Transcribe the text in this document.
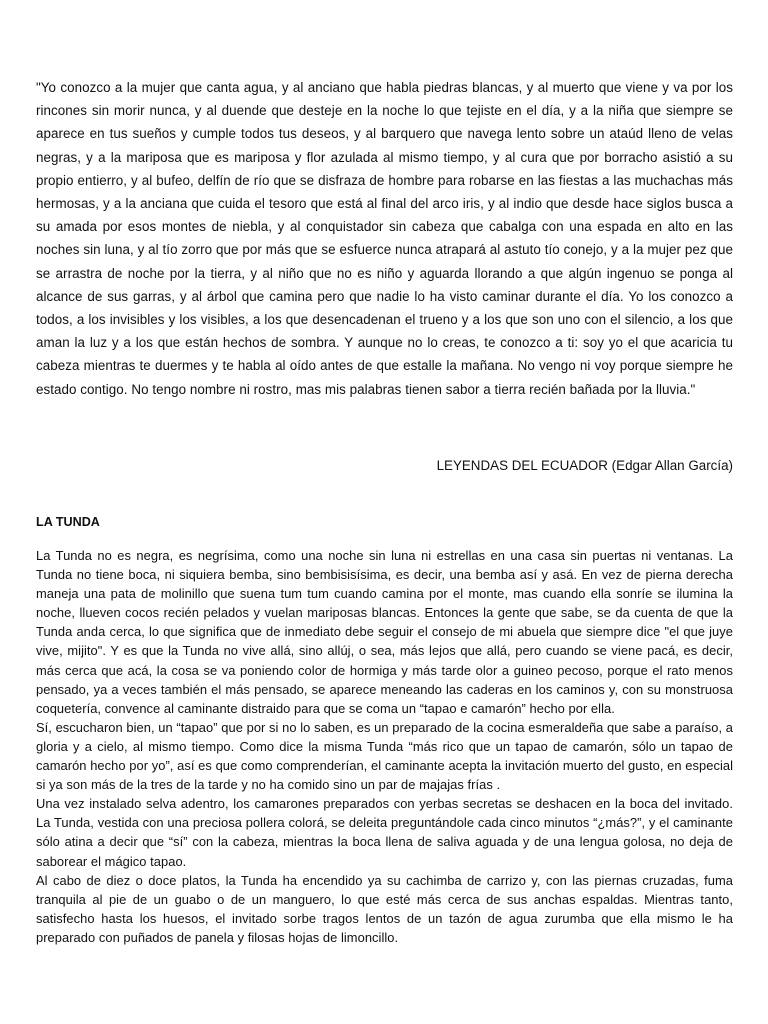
"Yo conozco a la mujer que canta agua, y al anciano que habla piedras blancas, y al muerto que viene y va por los rincones sin morir nunca, y al duende que desteje en la noche lo que tejiste en el día, y a la niña que siempre se aparece en tus sueños y cumple todos tus deseos, y al barquero que navega lento sobre un ataúd lleno de velas negras, y a la mariposa que es mariposa y flor azulada al mismo tiempo, y al cura que por borracho asistió a su propio entierro, y al bufeo, delfín de río que se disfraza de hombre para robarse en las fiestas a las muchachas más hermosas, y a la anciana que cuida el tesoro que está al final del arco iris, y al indio que desde hace siglos busca a su amada por esos montes de niebla, y al conquistador sin cabeza que cabalga con una espada en alto en las noches sin luna, y al tío zorro que por más que se esfuerce nunca atrapará al astuto tío conejo, y a la mujer pez que se arrastra de noche por la tierra, y al niño que no es niño y aguarda llorando a que algún ingenuo se ponga al alcance de sus garras, y al árbol que camina pero que nadie lo ha visto caminar durante el día. Yo los conozco a todos, a los invisibles y los visibles, a los que desencadenan el trueno y a los que son uno con el silencio, a los que aman la luz y a los que están hechos de sombra. Y aunque no lo creas, te conozco a ti: soy yo el que acaricia tu cabeza mientras te duermes y te habla al oído antes de que estalle la mañana. No vengo ni voy porque siempre he estado contigo. No tengo nombre ni rostro, mas mis palabras tienen sabor a tierra recién bañada por la lluvia."

LEYENDAS DEL ECUADOR (Edgar Allan García)

LA TUNDA

La Tunda no es negra, es negrísima, como una noche sin luna ni estrellas en una casa sin puertas ni ventanas. La Tunda no tiene boca, ni siquiera bemba, sino bembisisísima, es decir, una bemba así y asá. En vez de pierna derecha maneja una pata de molinillo que suena tum tum cuando camina por el monte, mas cuando ella sonríe se ilumina la noche, llueven cocos recién pelados y vuelan mariposas blancas. Entonces la gente que sabe, se da cuenta de que la Tunda anda cerca, lo que significa que de inmediato debe seguir el consejo de mi abuela que siempre dice "el que juye vive, mijito". Y es que la Tunda no vive allá, sino allúj, o sea, más lejos que allá, pero cuando se viene pacá, es decir, más cerca que acá, la cosa se va poniendo color de hormiga y más tarde olor a guineo pecoso, porque el rato menos pensado, ya a veces también el más pensado, se aparece meneando las caderas en los caminos y, con su monstruosa coquetería, convence al caminante distraido para que se coma un “tapao e camarón” hecho por ella.

Sí, escucharon bien, un “tapao” que por si no lo saben, es un preparado de la cocina esmeraldeña que sabe a paraíso, a gloria y a cielo, al mismo tiempo. Como dice la misma Tunda “más rico que un tapao de camarón, sólo un tapao de camarón hecho por yo”, así es que como comprenderían, el caminante acepta la invitación muerto del gusto, en especial si ya son más de la tres de la tarde y no ha comido sino un par de majajas frías .

Una vez instalado selva adentro, los camarones preparados con yerbas secretas se deshacen en la boca del invitado. La Tunda, vestida con una preciosa pollera colorá, se deleita preguntándole cada cinco minutos “¿más?”, y el caminante sólo atina a decir que “sí” con la cabeza, mientras la boca llena de saliva aguada y de una lengua golosa, no deja de saborear el mágico tapao.

Al cabo de diez o doce platos, la Tunda ha encendido ya su cachimba de carrizo y, con las piernas cruzadas, fuma tranquila al pie de un guabo o de un manguero, lo que esté más cerca de sus anchas espaldas. Mientras tanto, satisfecho hasta los huesos, el invitado sorbe tragos lentos de un tazón de agua zurumba que ella mismo le ha preparado con puñados de panela y filosas hojas de limoncillo.
